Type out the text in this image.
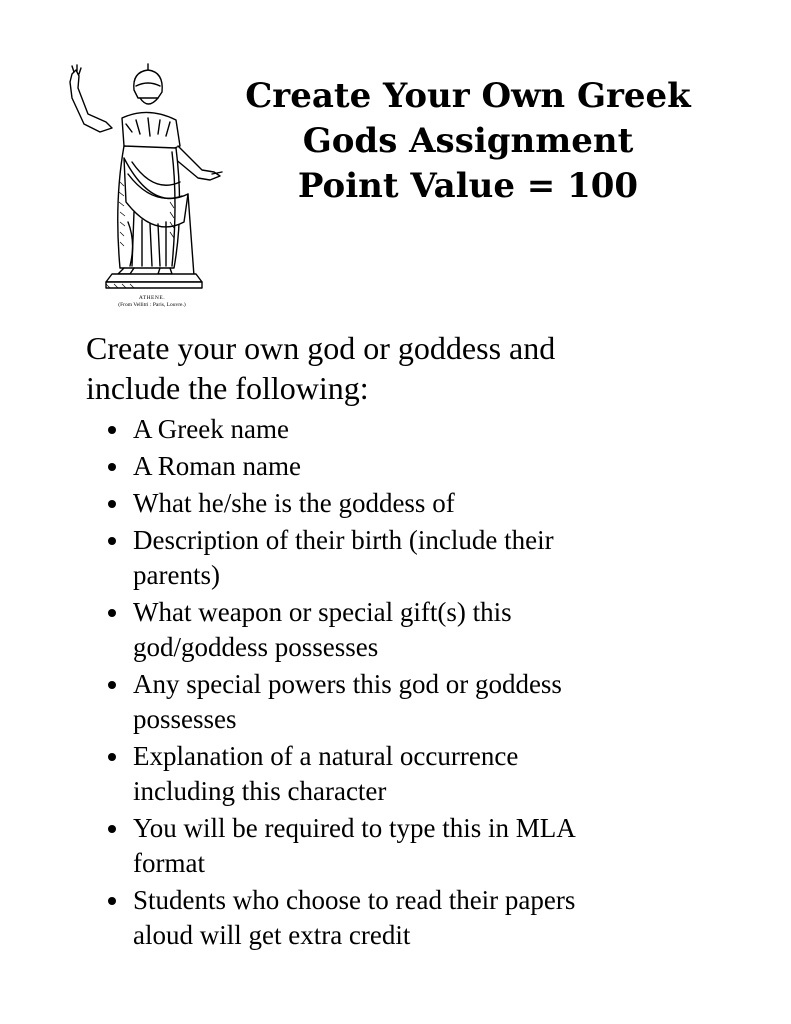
ATHENE.
(From Vellitri : Paris, Louvre.)
Create Your Own Greek
Gods Assignment
Point Value = 100

Create your own god or goddess and
include the following:

A Greek name
A Roman name
What he/she is the goddess of
Description of their birth (include their
parents)
What weapon or special gift(s) this
god/goddess possesses
Any special powers this god or goddess
possesses
Explanation of a natural occurrence
including this character
You will be required to type this in MLA
format
Students who choose to read their papers
aloud will get extra credit
